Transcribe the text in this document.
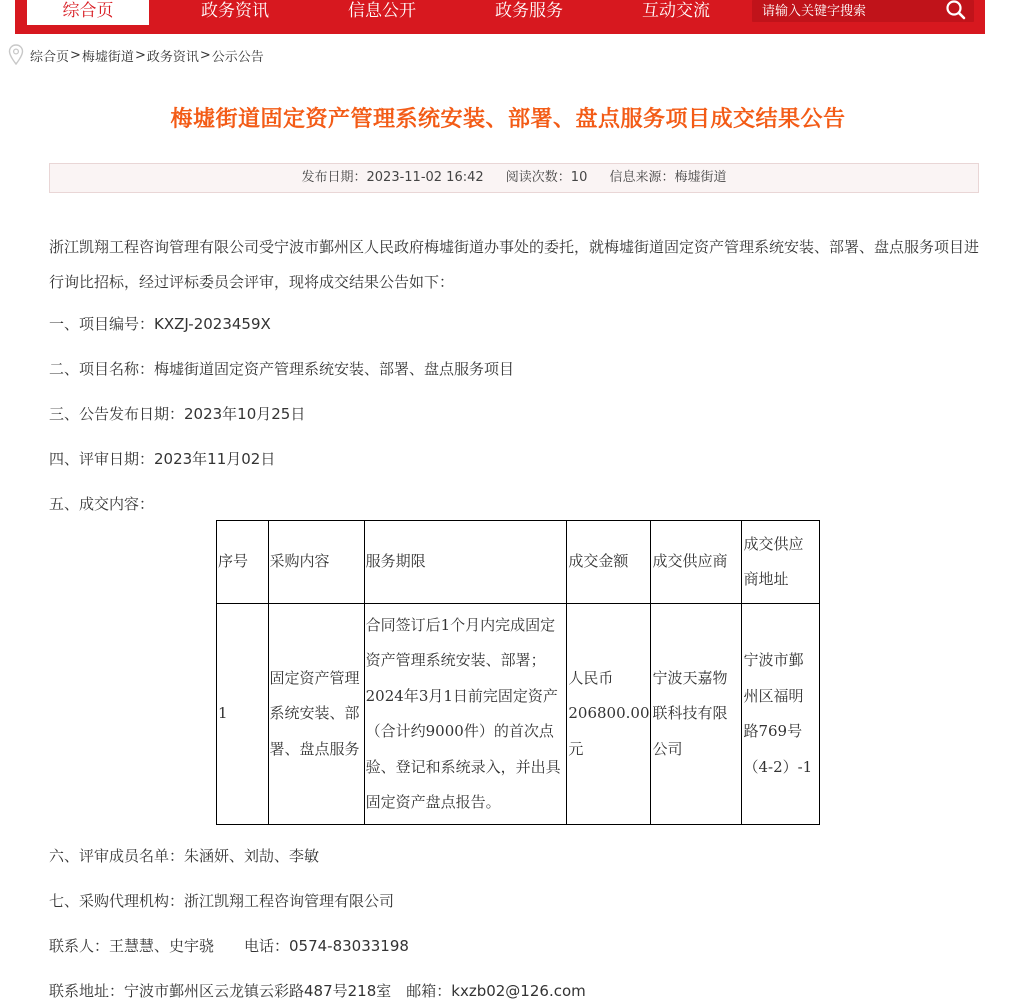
综合页	政务资讯	信息公开	政务服务	互动交流
请输入关键字搜索
综合页 > 梅墟街道 > 政务资讯 > 公示公告
梅墟街道固定资产管理系统安装、部署、盘点服务项目成交结果公告
发布日期：2023-11-02 16:42 阅读次数：10 信息来源：梅墟街道
浙江凯翔工程咨询管理有限公司受宁波市鄞州区人民政府梅墟街道办事处的委托，就梅墟街道固定资产管理系统安装、部署、盘点服务项目进行询比招标，经过评标委员会评审，现将成交结果公告如下：
一、项目编号：KXZJ-2023459X
二、项目名称：梅墟街道固定资产管理系统安装、部署、盘点服务项目
三、公告发布日期：2023年10月25日
四、评审日期：2023年11月02日
五、成交内容：
序号	采购内容	服务期限	成交金额	成交供应商	成交供应商地址
1	固定资产管理系统安装、部署、盘点服务	合同签订后1个月内完成固定资产管理系统安装、部署；2024年3月1日前完固定资产（合计约9000件）的首次点验、登记和系统录入，并出具固定资产盘点报告。	人民币206800.00元	宁波天嘉物联科技有限公司	宁波市鄞州区福明路769号（4-2）-1
六、评审成员名单：朱涵妍、刘劼、李敏
七、采购代理机构：浙江凯翔工程咨询管理有限公司
联系人：王慧慧、史宇骁　　电话：0574-83033198
联系地址：宁波市鄞州区云龙镇云彩路487号218室　邮箱：kxzb02@126.com
